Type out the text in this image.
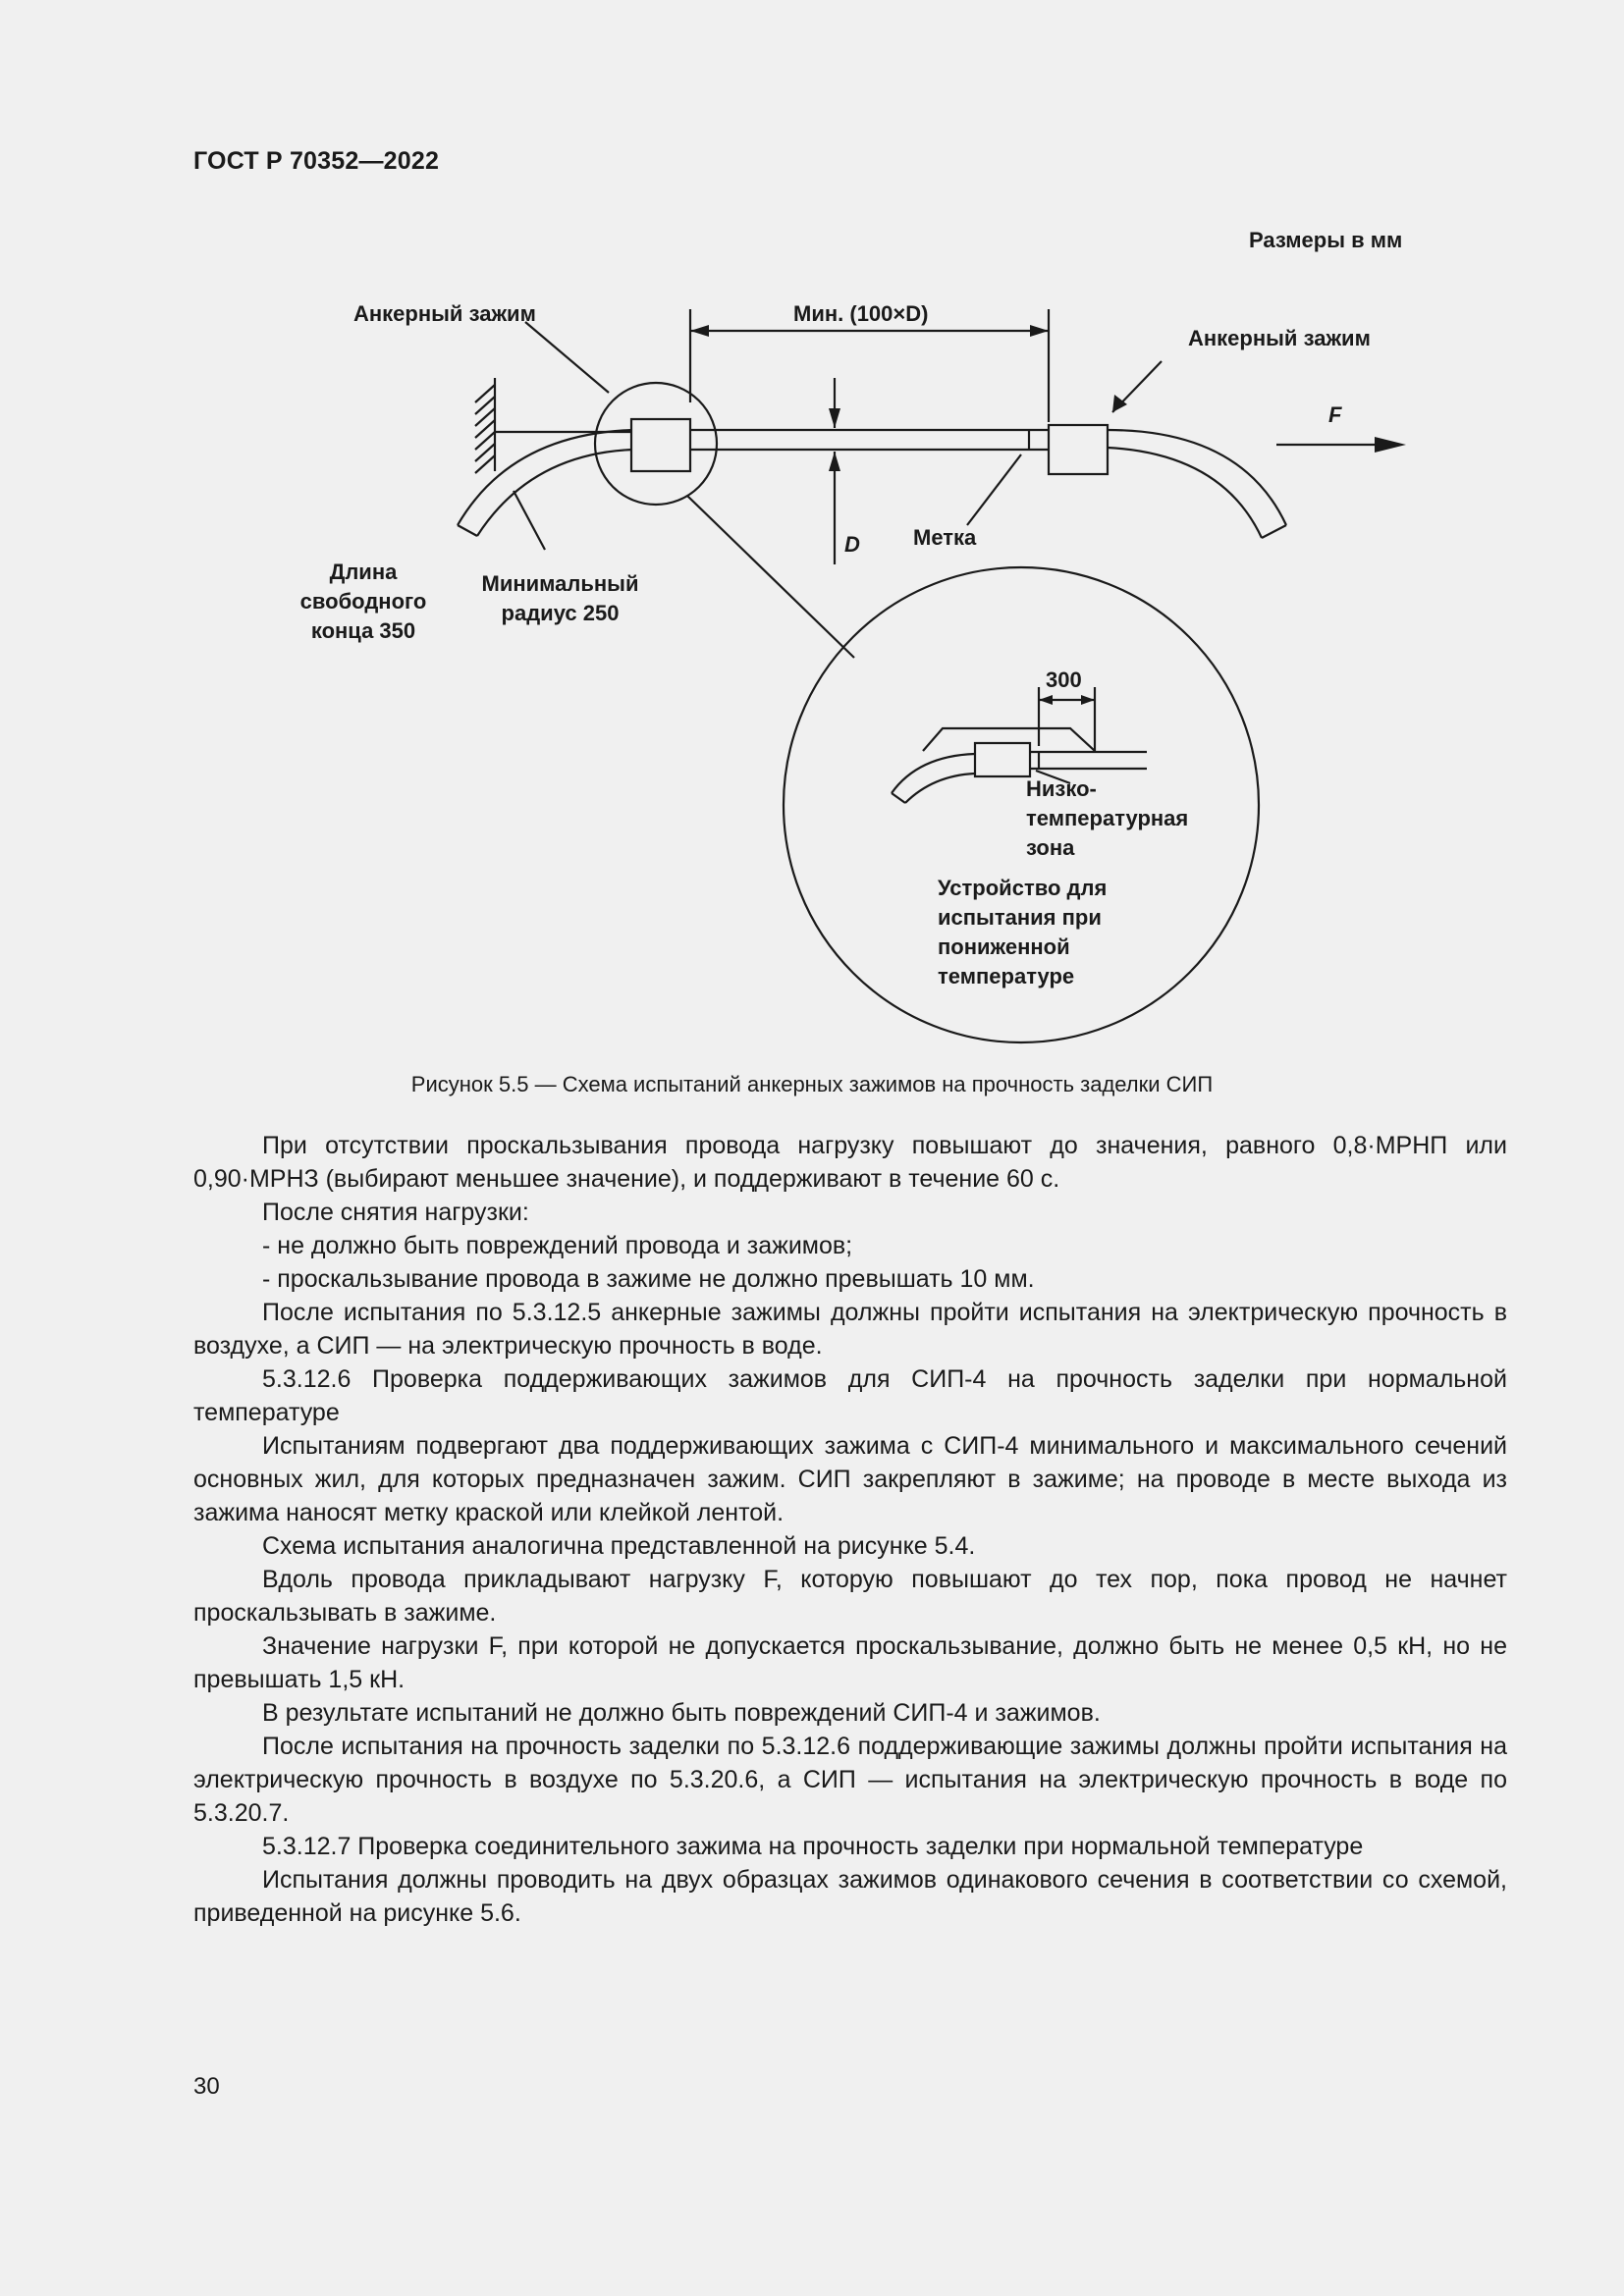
ГОСТ Р 70352—2022
Размеры в мм
Анкерный зажим
Анкерный зажим
Мин. (100×D)
F
D Метка
Длина
свободного
конца 350
Минимальный
радиус 250
300
Низко-
температурная
зона
Устройство для
испытания при
пониженной
температуре
Рисунок 5.5 — Схема испытаний анкерных зажимов на прочность заделки СИП

При отсутствии проскальзывания провода нагрузку повышают до значения, равного 0,8·МРНП или 0,90·МРНЗ (выбирают меньшее значение), и поддерживают в течение 60 с.

После снятия нагрузки:

- не должно быть повреждений провода и зажимов;

- проскальзывание провода в зажиме не должно превышать 10 мм.

После испытания по 5.3.12.5 анкерные зажимы должны пройти испытания на электрическую прочность в воздухе, а СИП — на электрическую прочность в воде.

5.3.12.6 Проверка поддерживающих зажимов для СИП-4 на прочность заделки при нормальной температуре

Испытаниям подвергают два поддерживающих зажима с СИП-4 минимального и максимального сечений основных жил, для которых предназначен зажим. СИП закрепляют в зажиме; на проводе в месте выхода из зажима наносят метку краской или клейкой лентой.

Схема испытания аналогична представленной на рисунке 5.4.

Вдоль провода прикладывают нагрузку F, которую повышают до тех пор, пока провод не начнет проскальзывать в зажиме.

Значение нагрузки F, при которой не допускается проскальзывание, должно быть не менее 0,5 кН, но не превышать 1,5 кН.

В результате испытаний не должно быть повреждений СИП-4 и зажимов.

После испытания на прочность заделки по 5.3.12.6 поддерживающие зажимы должны пройти испытания на электрическую прочность в воздухе по 5.3.20.6, а СИП — испытания на электрическую прочность в воде по 5.3.20.7.

5.3.12.7 Проверка соединительного зажима на прочность заделки при нормальной температуре

Испытания должны проводить на двух образцах зажимов одинакового сечения в соответствии со схемой, приведенной на рисунке 5.6.

30
